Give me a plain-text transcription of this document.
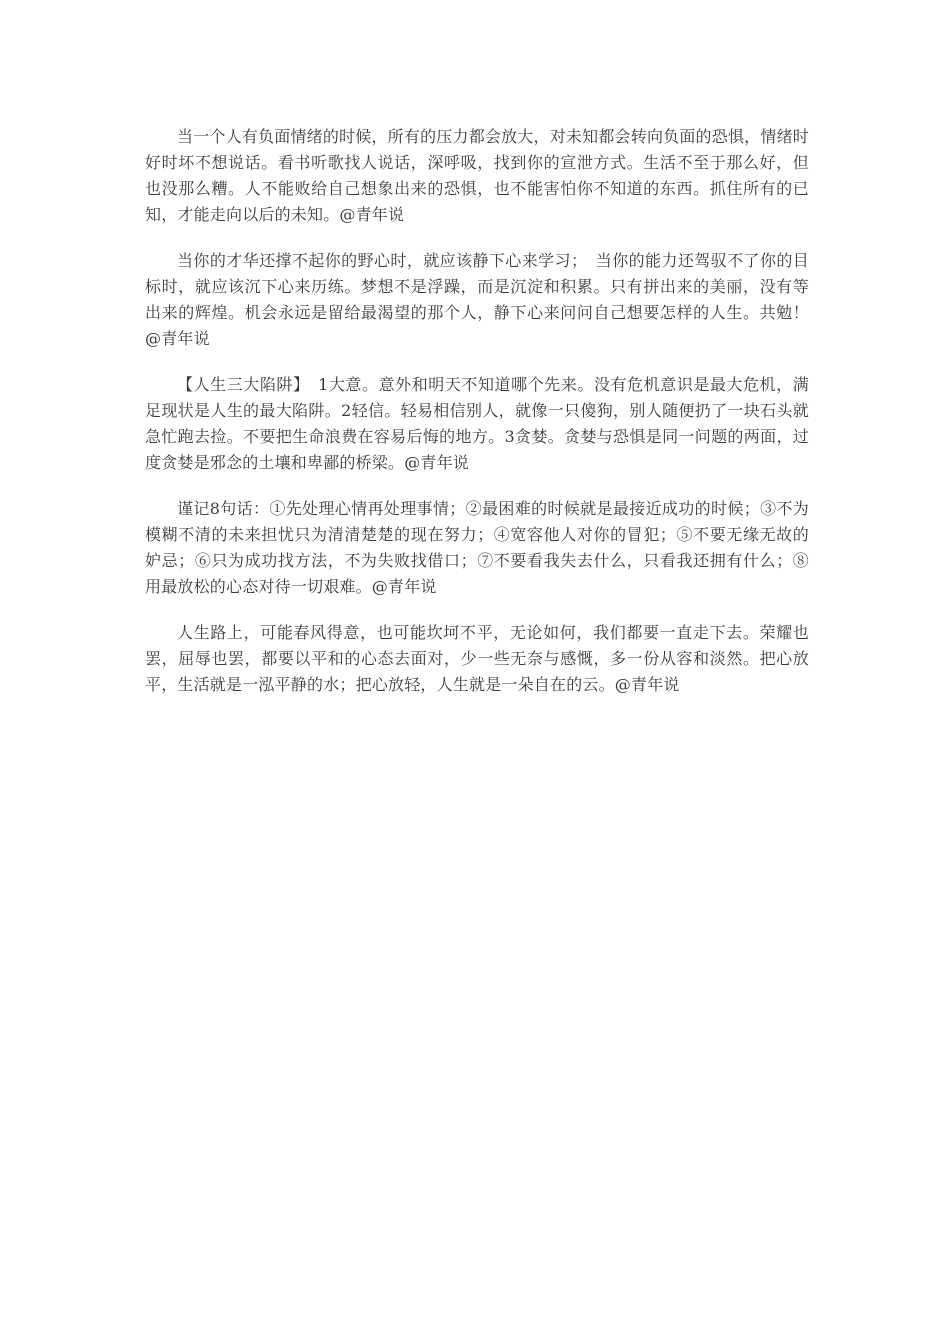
当一个人有负面情绪的时候，所有的压力都会放大，对未知都会转向负面的恐惧，情绪时好时坏不想说话。看书听歌找人说话，深呼吸，找到你的宣泄方式。生活不至于那么好，但也没那么糟。人不能败给自己想象出来的恐惧，也不能害怕你不知道的东西。抓住所有的已知，才能走向以后的未知。@青年说

当你的才华还撑不起你的野心时，就应该静下心来学习；　当你的能力还驾驭不了你的目标时，就应该沉下心来历练。梦想不是浮躁，而是沉淀和积累。只有拼出来的美丽，没有等出来的辉煌。机会永远是留给最渴望的那个人，静下心来问问自己想要怎样的人生。共勉！@青年说

【人生三大陷阱】　1大意。意外和明天不知道哪个先来。没有危机意识是最大危机，满足现状是人生的最大陷阱。2轻信。轻易相信别人，就像一只傻狗，别人随便扔了一块石头就急忙跑去捡。不要把生命浪费在容易后悔的地方。3贪婪。贪婪与恐惧是同一问题的两面，过度贪婪是邪念的土壤和卑鄙的桥梁。@青年说

谨记8句话：①先处理心情再处理事情；②最困难的时候就是最接近成功的时候；③不为模糊不清的未来担忧只为清清楚楚的现在努力；④宽容他人对你的冒犯；⑤不要无缘无故的妒忌；⑥只为成功找方法，不为失败找借口；⑦不要看我失去什么，只看我还拥有什么；⑧用最放松的心态对待一切艰难。@青年说

人生路上，可能春风得意，也可能坎坷不平，无论如何，我们都要一直走下去。荣耀也罢，屈辱也罢，都要以平和的心态去面对，少一些无奈与感慨，多一份从容和淡然。把心放平，生活就是一泓平静的水；把心放轻，人生就是一朵自在的云。@青年说
